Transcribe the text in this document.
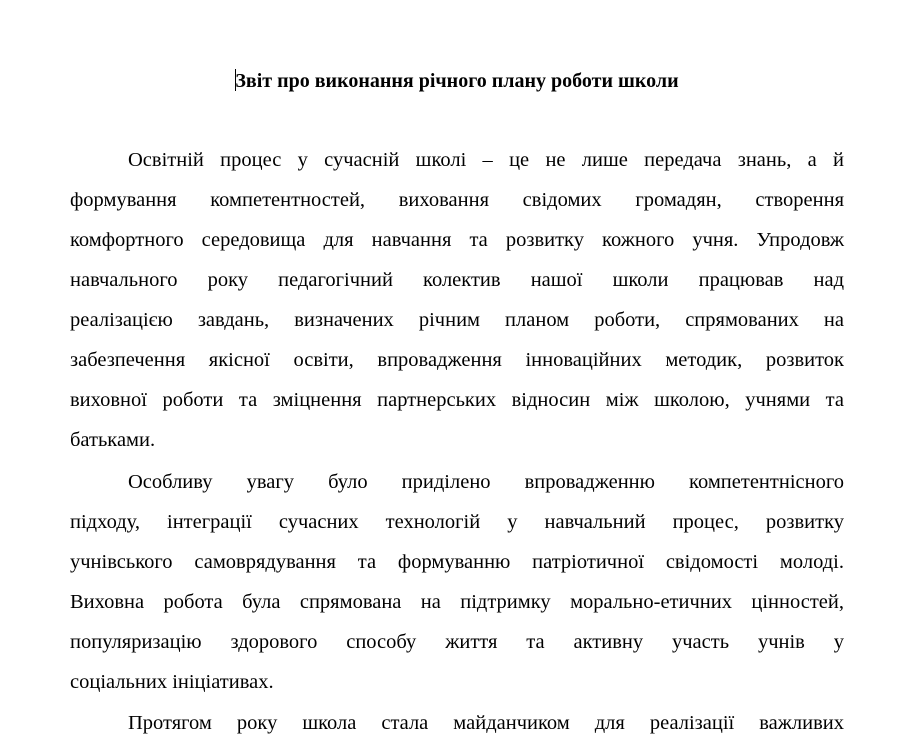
Звіт про виконання річного плану роботи школи
Освітній процес у сучасній школі – це не лише передача знань, а й
формування компетентностей, виховання свідомих громадян, створення
комфортного середовища для навчання та розвитку кожного учня. Упродовж
навчального року педагогічний колектив нашої школи працював над
реалізацією завдань, визначених річним планом роботи, спрямованих на
забезпечення якісної освіти, впровадження інноваційних методик, розвиток
виховної роботи та зміцнення партнерських відносин між школою, учнями та
батьками.
Особливу увагу було приділено впровадженню компетентнісного
підходу, інтеграції сучасних технологій у навчальний процес, розвитку
учнівського самоврядування та формуванню патріотичної свідомості молоді.
Виховна робота була спрямована на підтримку морально-етичних цінностей,
популяризацію здорового способу життя та активну участь учнів у
соціальних ініціативах.
Протягом року школа стала майданчиком для реалізації важливих
